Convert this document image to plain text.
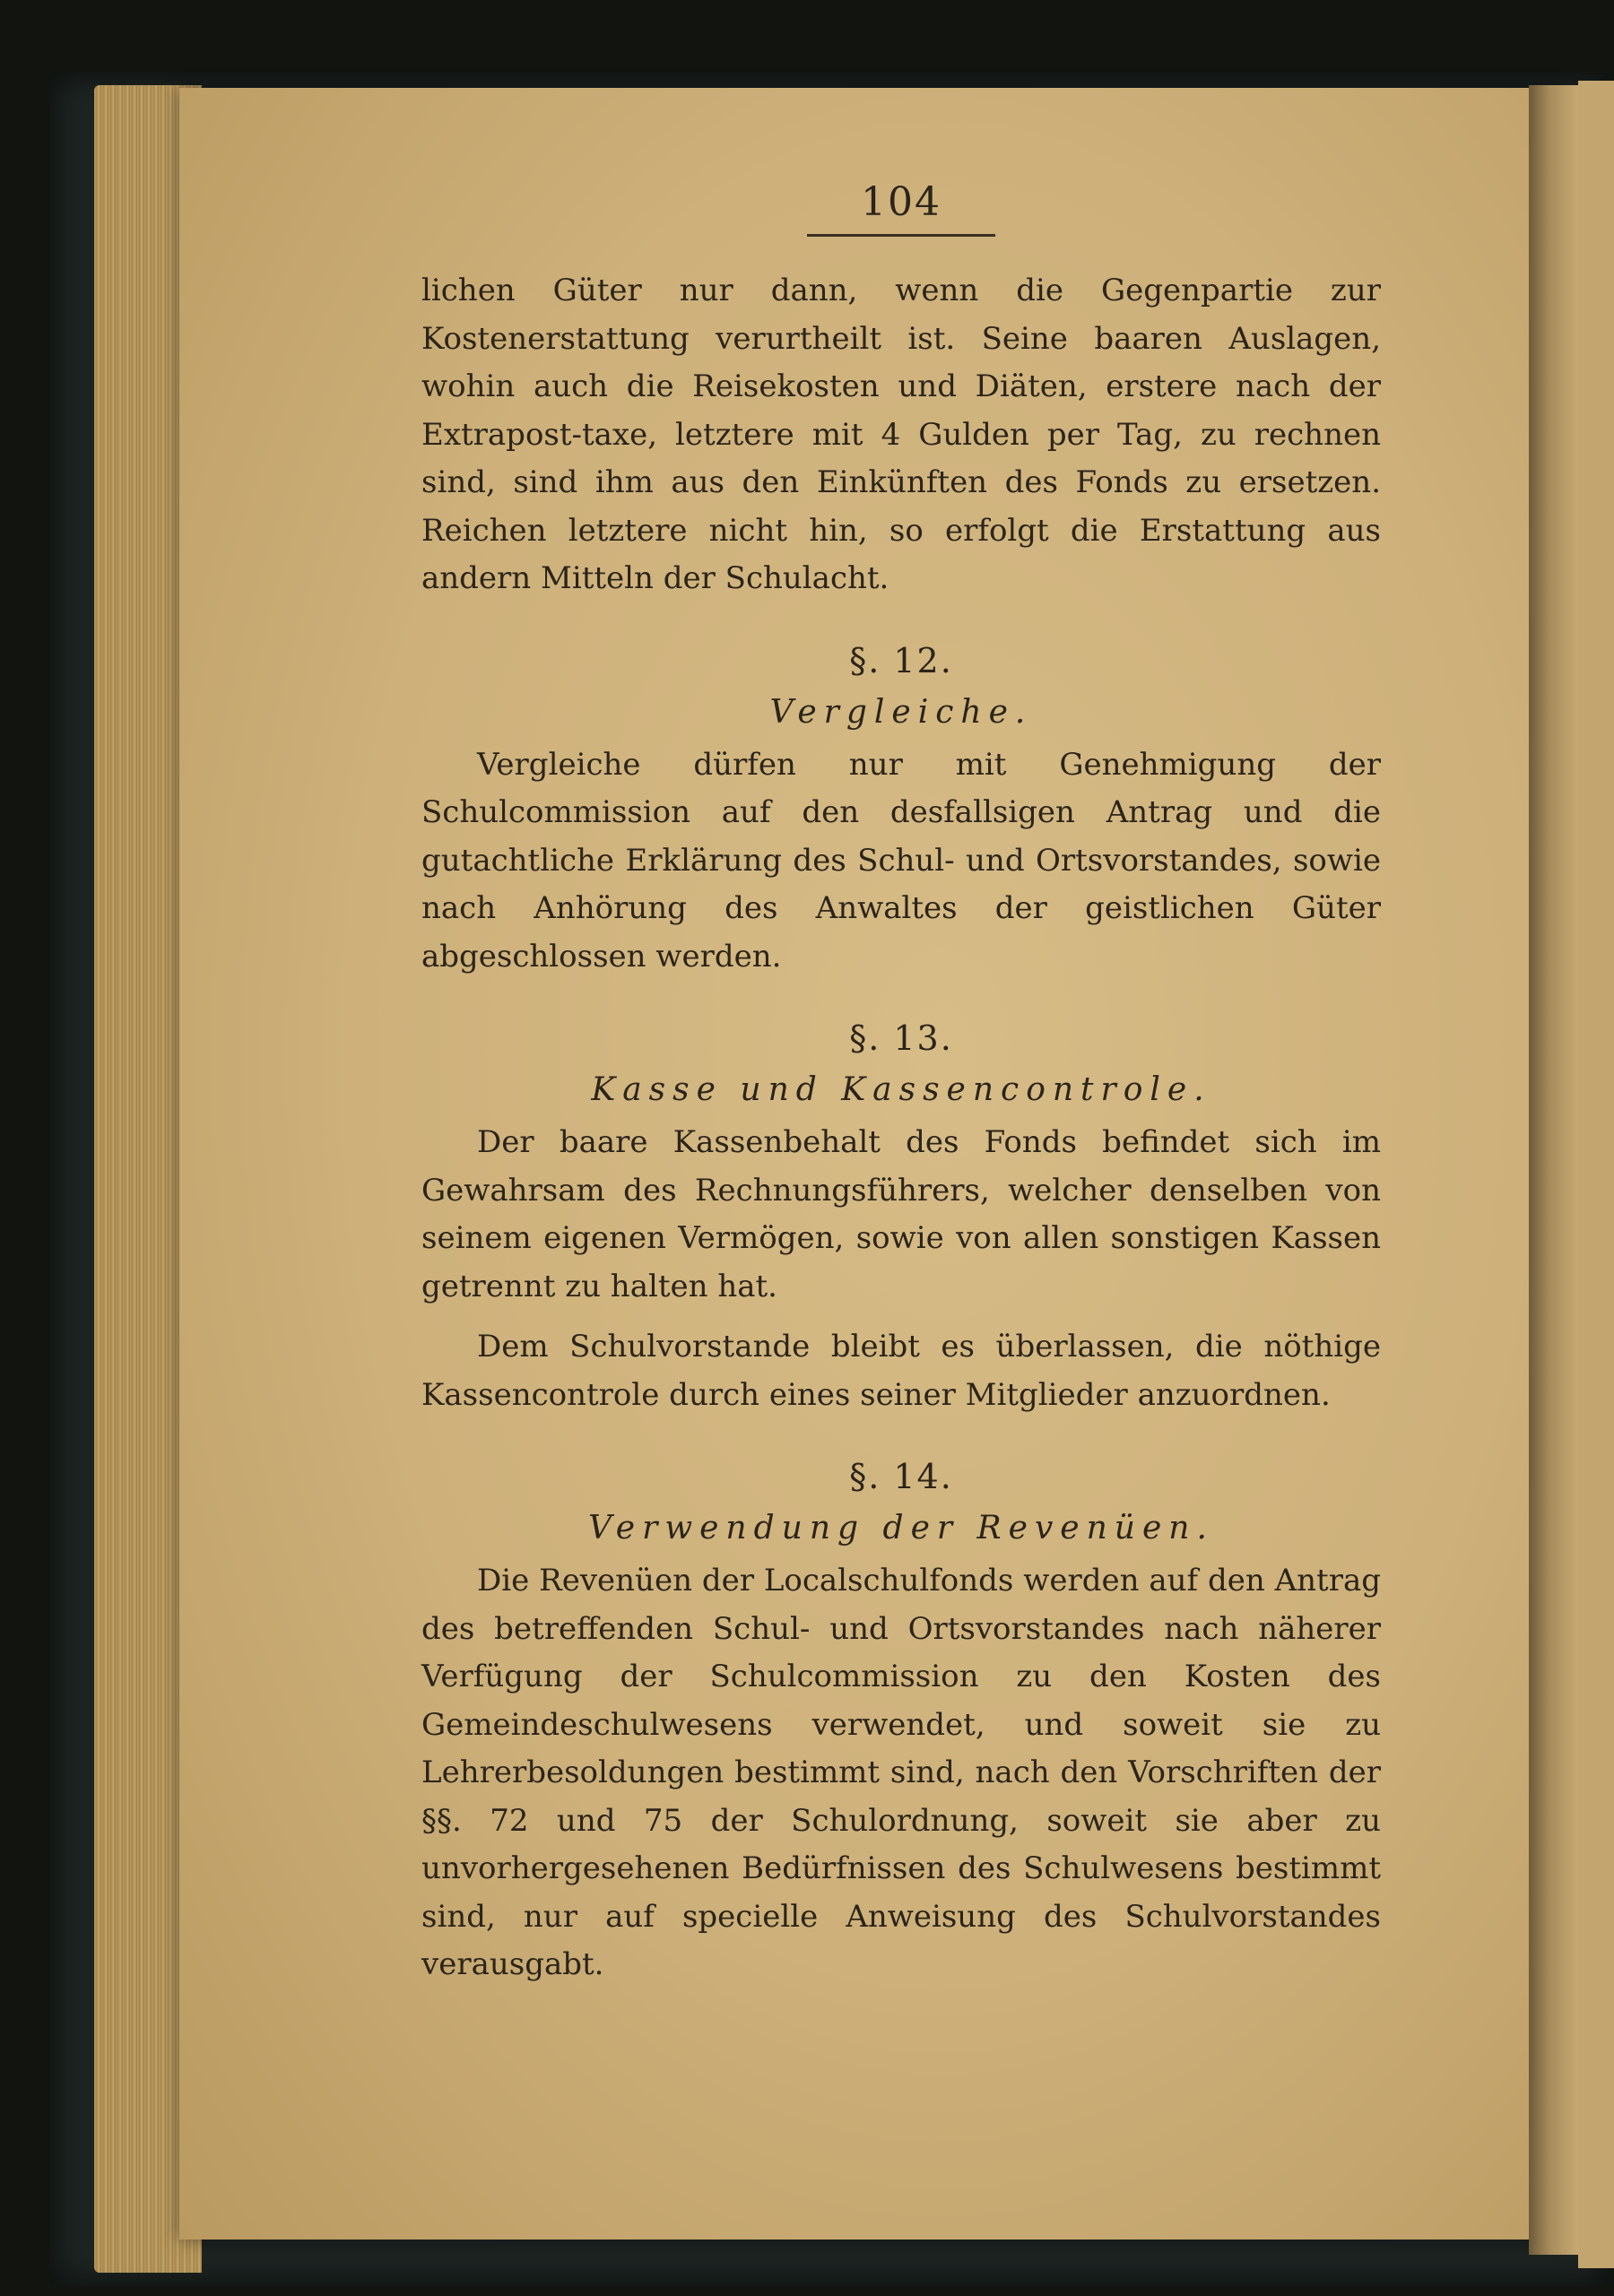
104

lichen Güter nur dann, wenn die Gegenpartie zur Kostenerstattung verurtheilt ist. Seine baaren Auslagen, wohin auch die Reisekosten und Diäten, erstere nach der Extrapost-taxe, letztere mit 4 Gulden per Tag, zu rechnen sind, sind ihm aus den Einkünften des Fonds zu ersetzen. Reichen letztere nicht hin, so erfolgt die Erstattung aus andern Mitteln der Schulacht.

§. 12.
Vergleiche.

Vergleiche dürfen nur mit Genehmigung der Schulcommission auf den desfallsigen Antrag und die gutachtliche Erklärung des Schul- und Ortsvorstandes, sowie nach Anhörung des Anwaltes der geistlichen Güter abgeschlossen werden.

§. 13.
Kasse und Kassencontrole.

Der baare Kassenbehalt des Fonds befindet sich im Gewahrsam des Rechnungsführers, welcher denselben von seinem eigenen Vermögen, sowie von allen sonstigen Kassen getrennt zu halten hat.

Dem Schulvorstande bleibt es überlassen, die nöthige Kassencontrole durch eines seiner Mitglieder anzuordnen.

§. 14.
Verwendung der Revenüen.

Die Revenüen der Localschulfonds werden auf den Antrag des betreffenden Schul- und Ortsvorstandes nach näherer Verfügung der Schulcommission zu den Kosten des Gemeindeschulwesens verwendet, und soweit sie zu Lehrerbesoldungen bestimmt sind, nach den Vorschriften der §§. 72 und 75 der Schulordnung, soweit sie aber zu unvorhergesehenen Bedürfnissen des Schulwesens bestimmt sind, nur auf specielle Anweisung des Schulvorstandes verausgabt.
